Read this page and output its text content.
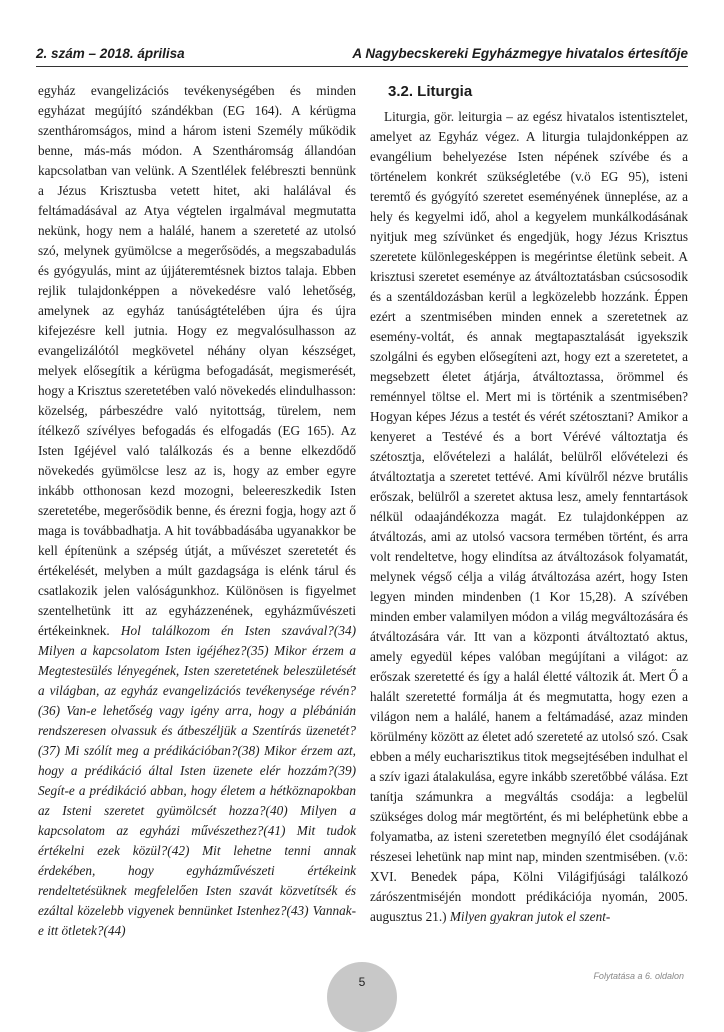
2. szám – 2018. áprilisa	A Nagybecskereki Egyházmegye hivatalos értesítője

egyház evangelizációs tevékenységében és minden egyházat megújító szándékban (EG 164). A kérügma szentháromságos, mind a három isteni Személy működik benne, más-más módon. A Szentháromság állandóan kapcsolatban van velünk. A Szentlélek felébreszti bennünk a Jézus Krisztusba vetett hitet, aki halálával és feltámadásával az Atya végtelen irgalmával megmutatta nekünk, hogy nem a halálé, hanem a szereteté az utolsó szó, melynek gyümölcse a megerősödés, a megszabadulás és gyógyulás, mint az újjáteremtésnek biztos talaja. Ebben rejlik tulajdonképpen a növekedésre való lehetőség, amelynek az egyház tanúságtételében újra és újra kifejezésre kell jutnia. Hogy ez megvalósulhasson az evangelizálótól megkövetel néhány olyan készséget, melyek elősegítik a kérügma befogadását, megismerését, hogy a Krisztus szeretetében való növekedés elindulhasson: közelség, párbeszédre való nyitottság, türelem, nem ítélkező szívélyes befogadás és elfogadás (EG 165). Az Isten Igéjével való találkozás és a benne elkezdődő növekedés gyümölcse lesz az is, hogy az ember egyre inkább otthonosan kezd mozogni, beleereszkedik Isten szeretetébe, megerősödik benne, és érezni fogja, hogy azt ő maga is továbbadhatja. A hit továbbadásába ugyanakkor be kell építenünk a szépség útját, a művészet szeretetét és értékelését, melyben a múlt gazdagsága is elénk tárul és csatlakozik jelen valóságunkhoz. Különösen is figyelmet szentelhetünk itt az egyházzenének, egyházművészeti értékeinknek. Hol találkozom én Isten szavával?(34) Milyen a kapcsolatom Isten igéjéhez?(35) Mikor érzem a Megtestesülés lényegének, Isten szeretetének beleszületését a világban, az egyház evangelizációs tevékenysége révén?(36) Van-e lehetőség vagy igény arra, hogy a plébánián rendszeresen olvassuk és átbeszéljük a Szentírás üzenetét?(37) Mi szólít meg a prédikációban?(38) Mikor érzem azt, hogy a prédikáció által Isten üzenete elér hozzám?(39) Segít-e a prédikáció abban, hogy életem a hétköznapokban az Isteni szeretet gyümölcsét hozza?(40) Milyen a kapcsolatom az egyházi művészethez?(41) Mit tudok értékelni ezek közül?(42) Mit lehetne tenni annak érdekében, hogy egyházművészeti értékeink rendeltetésüknek megfelelően Isten szavát közvetítsék és ezáltal közelebb vigyenek bennünket Istenhez?(43) Vannak-e itt ötletek?(44)

3.2. Liturgia

Liturgia, gör. leiturgia – az egész hivatalos istentisztelet, amelyet az Egyház végez. A liturgia tulajdonképpen az evangélium behelyezése Isten népének szívébe és a történelem konkrét szükségletébe (v.ö EG 95), isteni teremtő és gyógyító szeretet eseményének ünneplése, az a hely és kegyelmi idő, ahol a kegyelem munkálkodásának nyitjuk meg szívünket és engedjük, hogy Jézus Krisztus szeretete különlegesképpen is megérintse életünk sebeit. A krisztusi szeretet eseménye az átváltoztatásban csúcsosodik és a szentáldozásban kerül a legközelebb hozzánk. Éppen ezért a szentmisében minden ennek a szeretetnek az esemény-voltát, és annak megtapasztalását igyekszik szolgálni és egyben elősegíteni azt, hogy ezt a szeretetet, a megsebzett életet átjárja, átváltoztassa, örömmel és reménnyel töltse el. Mert mi is történik a szentmisében? Hogyan képes Jézus a testét és vérét szétosztani? Amikor a kenyeret a Testévé és a bort Vérévé változtatja és szétosztja, elővételezi a halálát, belülről elővételezi és átváltoztatja a szeretet tettévé. Ami kívülről nézve brutális erőszak, belülről a szeretet aktusa lesz, amely fenntartások nélkül odaajándékozza magát. Ez tulajdonképpen az átváltozás, ami az utolsó vacsora termében történt, és arra volt rendeltetve, hogy elindítsa az átváltozások folyamatát, melynek végső célja a világ átváltozása azért, hogy Isten legyen minden mindenben (1 Kor 15,28). A szívében minden ember valamilyen módon a világ megváltozására és átváltozására vár. Itt van a központi átváltoztató aktus, amely egyedül képes valóban megújítani a világot: az erőszak szeretetté és így a halál életté változik át. Mert Ő a halált szeretetté formálja át és megmutatta, hogy ezen a világon nem a halálé, hanem a feltámadásé, azaz minden körülmény között az életet adó szereteté az utolsó szó. Csak ebben a mély eucharisztikus titok megsejtésében indulhat el a szív igazi átalakulása, egyre inkább szeretőbbé válása. Ezt tanítja számunkra a megváltás csodája: a legbelül szükséges dolog már megtörtént, és mi beléphetünk ebbe a folyamatba, az isteni szeretetben megnyíló élet csodájának részesei lehetünk nap mint nap, minden szentmisében. (v.ö: XVI. Benedek pápa, Kölni Világifjúsági találkozó zárószentmiséjén mondott prédikációja nyomán, 2005. augusztus 21.) Milyen gyakran jutok el szent-

Folytatása a 6. oldalon
5
